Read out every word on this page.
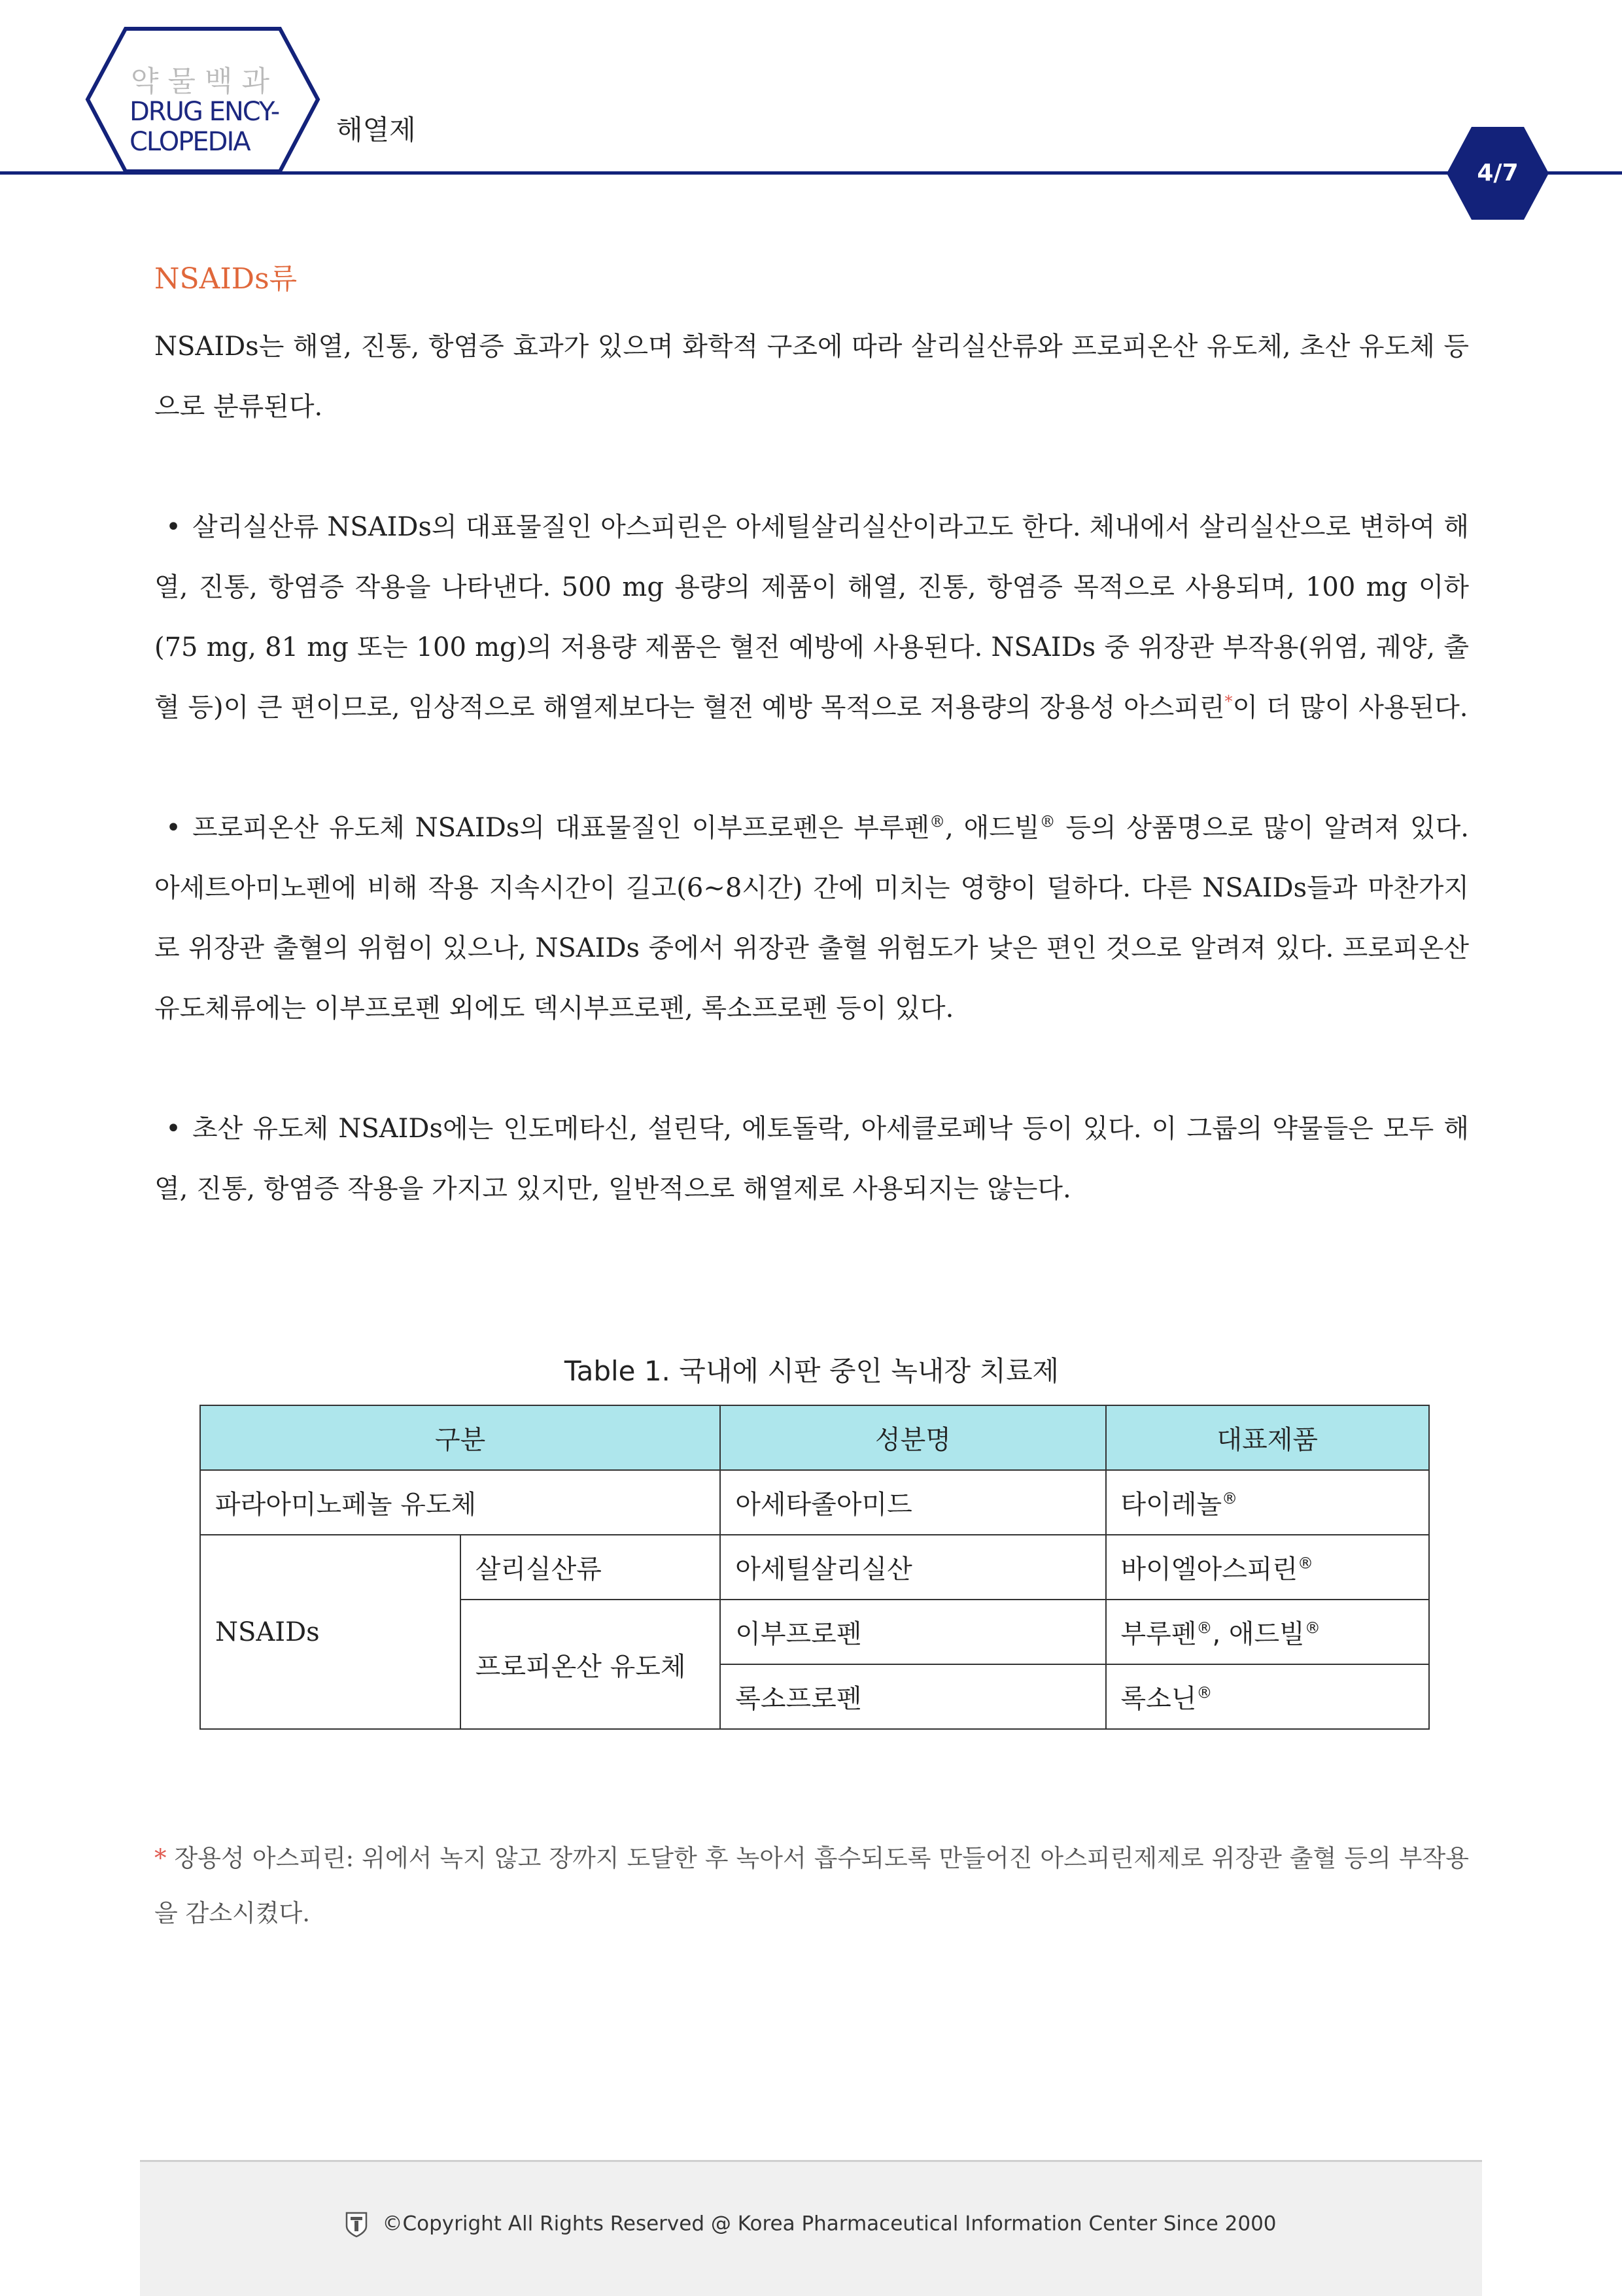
약물백과
DRUG ENCY-
CLOPEDIA	해열제
4/7
NSAIDs류

NSAIDs는 해열, 진통, 항염증 효과가 있으며 화학적 구조에 따라 살리실산류와 프로피온산 유도체, 초산 유도체 등으로 분류된다.

• 살리실산류 NSAIDs의 대표물질인 아스피린은 아세틸살리실산이라고도 한다. 체내에서 살리실산으로 변하여 해열, 진통, 항염증 작용을 나타낸다. 500 mg 용량의 제품이 해열, 진통, 항염증 목적으로 사용되며, 100 mg 이하(75 mg, 81 mg 또는 100 mg)의 저용량 제품은 혈전 예방에 사용된다. NSAIDs 중 위장관 부작용(위염, 궤양, 출혈 등)이 큰 편이므로, 임상적으로 해열제보다는 혈전 예방 목적으로 저용량의 장용성 아스피린*이 더 많이 사용된다.

• 프로피온산 유도체 NSAIDs의 대표물질인 이부프로펜은 부루펜®, 애드빌® 등의 상품명으로 많이 알려져 있다. 아세트아미노펜에 비해 작용 지속시간이 길고(6~8시간) 간에 미치는 영향이 덜하다. 다른 NSAIDs들과 마찬가지로 위장관 출혈의 위험이 있으나, NSAIDs 중에서 위장관 출혈 위험도가 낮은 편인 것으로 알려져 있다. 프로피온산 유도체류에는 이부프로펜 외에도 덱시부프로펜, 록소프로펜 등이 있다.

• 초산 유도체 NSAIDs에는 인도메타신, 설린닥, 에토돌락, 아세클로페낙 등이 있다. 이 그룹의 약물들은 모두 해열, 진통, 항염증 작용을 가지고 있지만, 일반적으로 해열제로 사용되지는 않는다.

Table 1. 국내에 시판 중인 녹내장 치료제
구분		성분명	대표제품
파라아미노페놀 유도체		아세타졸아미드	타이레놀®
NSAIDs	살리실산류	아세틸살리실산	바이엘아스피린®
	프로피온산 유도체	이부프로펜	부루펜®, 애드빌®
		록소프로펜	록소닌®
* 장용성 아스피린: 위에서 녹지 않고 장까지 도달한 후 녹아서 흡수되도록 만들어진 아스피린제제로 위장관 출혈 등의 부작용을 감소시켰다.
©Copyright All Rights Reserved @ Korea Pharmaceutical Information Center Since 2000
